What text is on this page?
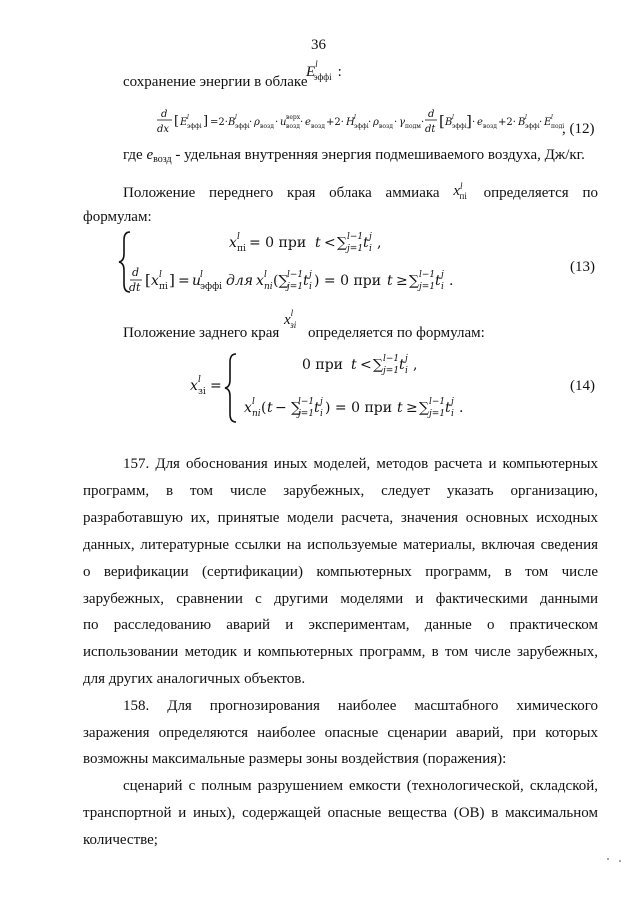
36
сохранение энергии в облаке
$E^l_{эффi}$ :
d
dx
[ E l
эффi ] =2· B l
эффi · ρ возд · u верх
возд · e возд +2· H l
эффi · ρ возд · γ подм ·
d
dt [ B l
эффi ] · e возд +2· B l
эффi · E l
подi
, (12)
где $e_{возд}$ - удельная внутренняя энергия подмешиваемого воздуха, Дж/кг.
Положение переднего края облака аммиака $x^l_{пi}$ определяется по
формулам:
x l
пi = 0 при t < ∑ l−1
j=1 t j
i ,
d
dt [ x l
пi ] = u
l
эффi для x l
пi (∑
l−1
j=1 t j
i ) = 0 при t ≥ ∑ l−1
j=1 t j
i .
(13)
Положение заднего края
$x^l_{зi}$ определяется по формулам:
x l
зi =
0 при t < ∑ l−1
j=1 t j
i ,
x l
пi ( t − ∑
l−1
j=1 t j
i ) = 0 при t ≥ ∑ l−1
j=1 t j
i .
(14)
157. Для обоснования иных моделей, методов расчета и компьютерных
программ, в том числе зарубежных, следует указать организацию,
разработавшую их, принятые модели расчета, значения основных исходных
данных, литературные ссылки на используемые материалы, включая сведения
о верификации (сертификации) компьютерных программ, в том числе
зарубежных, сравнении с другими моделями и фактическими данными
по расследованию аварий и экспериментам, данные о практическом
использовании методик и компьютерных программ, в том числе зарубежных,
для других аналогичных объектов.
158. Для прогнозирования наиболее масштабного химического
заражения определяются наиболее опасные сценарии аварий, при которых
возможны максимальные размеры зоны воздействия (поражения):
сценарий с полным разрушением емкости (технологической, складской,
транспортной и иных), содержащей опасные вещества (ОВ) в максимальном
количестве;
